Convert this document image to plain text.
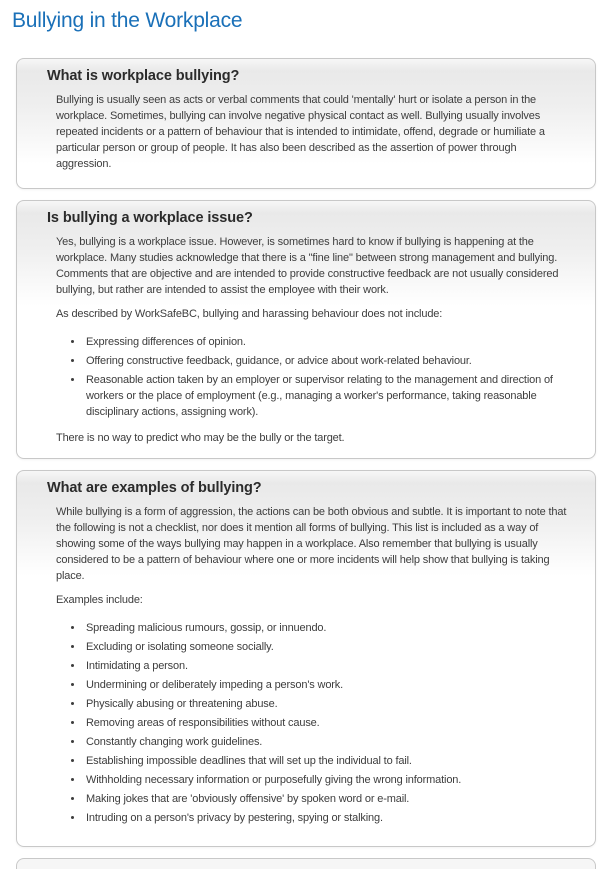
Bullying in the Workplace
What is workplace bullying?

Bullying is usually seen as acts or verbal comments that could 'mentally' hurt or isolate a person in the workplace. Sometimes, bullying can involve negative physical contact as well. Bullying usually involves repeated incidents or a pattern of behaviour that is intended to intimidate, offend, degrade or humiliate a particular person or group of people. It has also been described as the assertion of power through aggression.

Is bullying a workplace issue?

Yes, bullying is a workplace issue. However, is sometimes hard to know if bullying is happening at the workplace. Many studies acknowledge that there is a "fine line" between strong management and bullying. Comments that are objective and are intended to provide constructive feedback are not usually considered bullying, but rather are intended to assist the employee with their work.

As described by WorkSafeBC, bullying and harassing behaviour does not include:

• Expressing differences of opinion.
• Offering constructive feedback, guidance, or advice about work-related behaviour.
• Reasonable action taken by an employer or supervisor relating to the management and direction of workers or the place of employment (e.g., managing a worker's performance, taking reasonable disciplinary actions, assigning work).

There is no way to predict who may be the bully or the target.

What are examples of bullying?

While bullying is a form of aggression, the actions can be both obvious and subtle. It is important to note that the following is not a checklist, nor does it mention all forms of bullying. This list is included as a way of showing some of the ways bullying may happen in a workplace. Also remember that bullying is usually considered to be a pattern of behaviour where one or more incidents will help show that bullying is taking place.

Examples include:

• Spreading malicious rumours, gossip, or innuendo.
• Excluding or isolating someone socially.
• Intimidating a person.
• Undermining or deliberately impeding a person's work.
• Physically abusing or threatening abuse.
• Removing areas of responsibilities without cause.
• Constantly changing work guidelines.
• Establishing impossible deadlines that will set up the individual to fail.
• Withholding necessary information or purposefully giving the wrong information.
• Making jokes that are 'obviously offensive' by spoken word or e-mail.
• Intruding on a person's privacy by pestering, spying or stalking.
